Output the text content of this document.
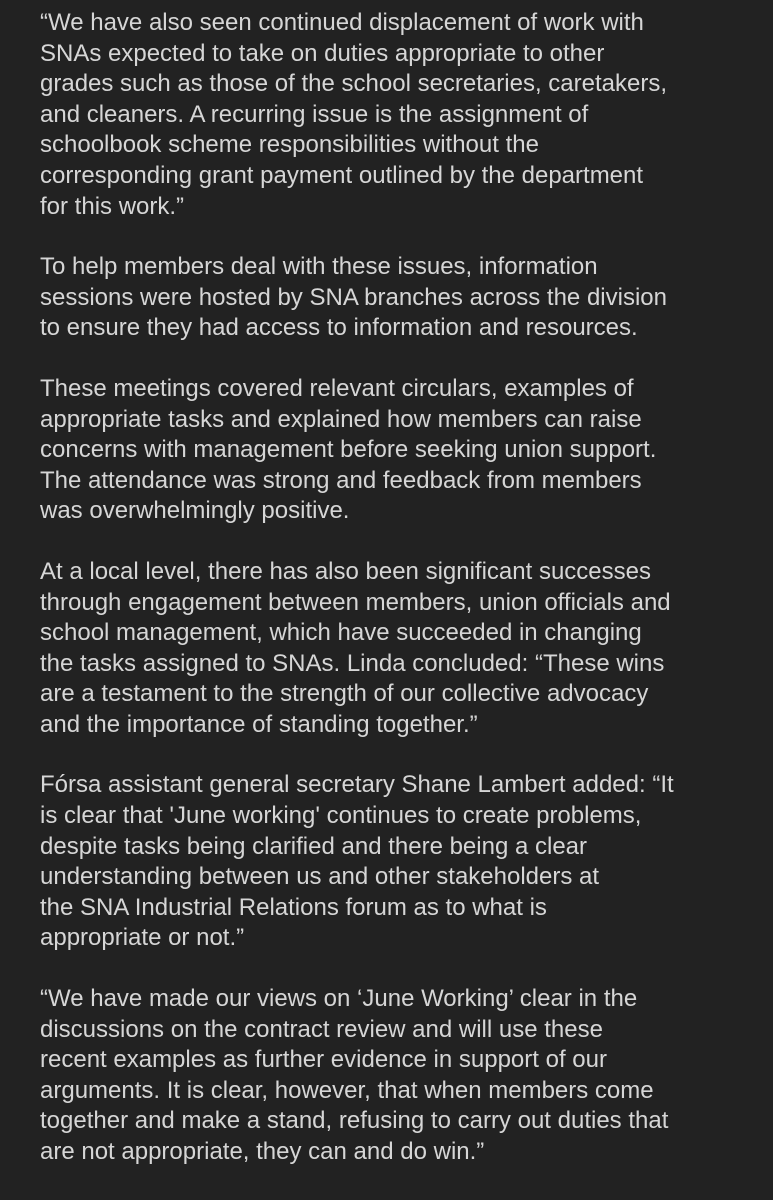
“We have also seen continued displacement of work with
SNAs expected to take on duties appropriate to other
grades such as those of the school secretaries, caretakers,
and cleaners. A recurring issue is the assignment of
schoolbook scheme responsibilities without the
corresponding grant payment outlined by the department
for this work.”

To help members deal with these issues, information
sessions were hosted by SNA branches across the division
to ensure they had access to information and resources.

These meetings covered relevant circulars, examples of
appropriate tasks and explained how members can raise
concerns with management before seeking union support.
The attendance was strong and feedback from members
was overwhelmingly positive.

At a local level, there has also been significant successes
through engagement between members, union officials and
school management, which have succeeded in changing
the tasks assigned to SNAs. Linda concluded: “These wins
are a testament to the strength of our collective advocacy
and the importance of standing together.”

Fórsa assistant general secretary Shane Lambert added: “It
is clear that 'June working' continues to create problems,
despite tasks being clarified and there being a clear
understanding between us and other stakeholders at
the SNA Industrial Relations forum as to what is
appropriate or not.”

“We have made our views on ‘June Working’ clear in the
discussions on the contract review and will use these
recent examples as further evidence in support of our
arguments. It is clear, however, that when members come
together and make a stand, refusing to carry out duties that
are not appropriate, they can and do win.”
